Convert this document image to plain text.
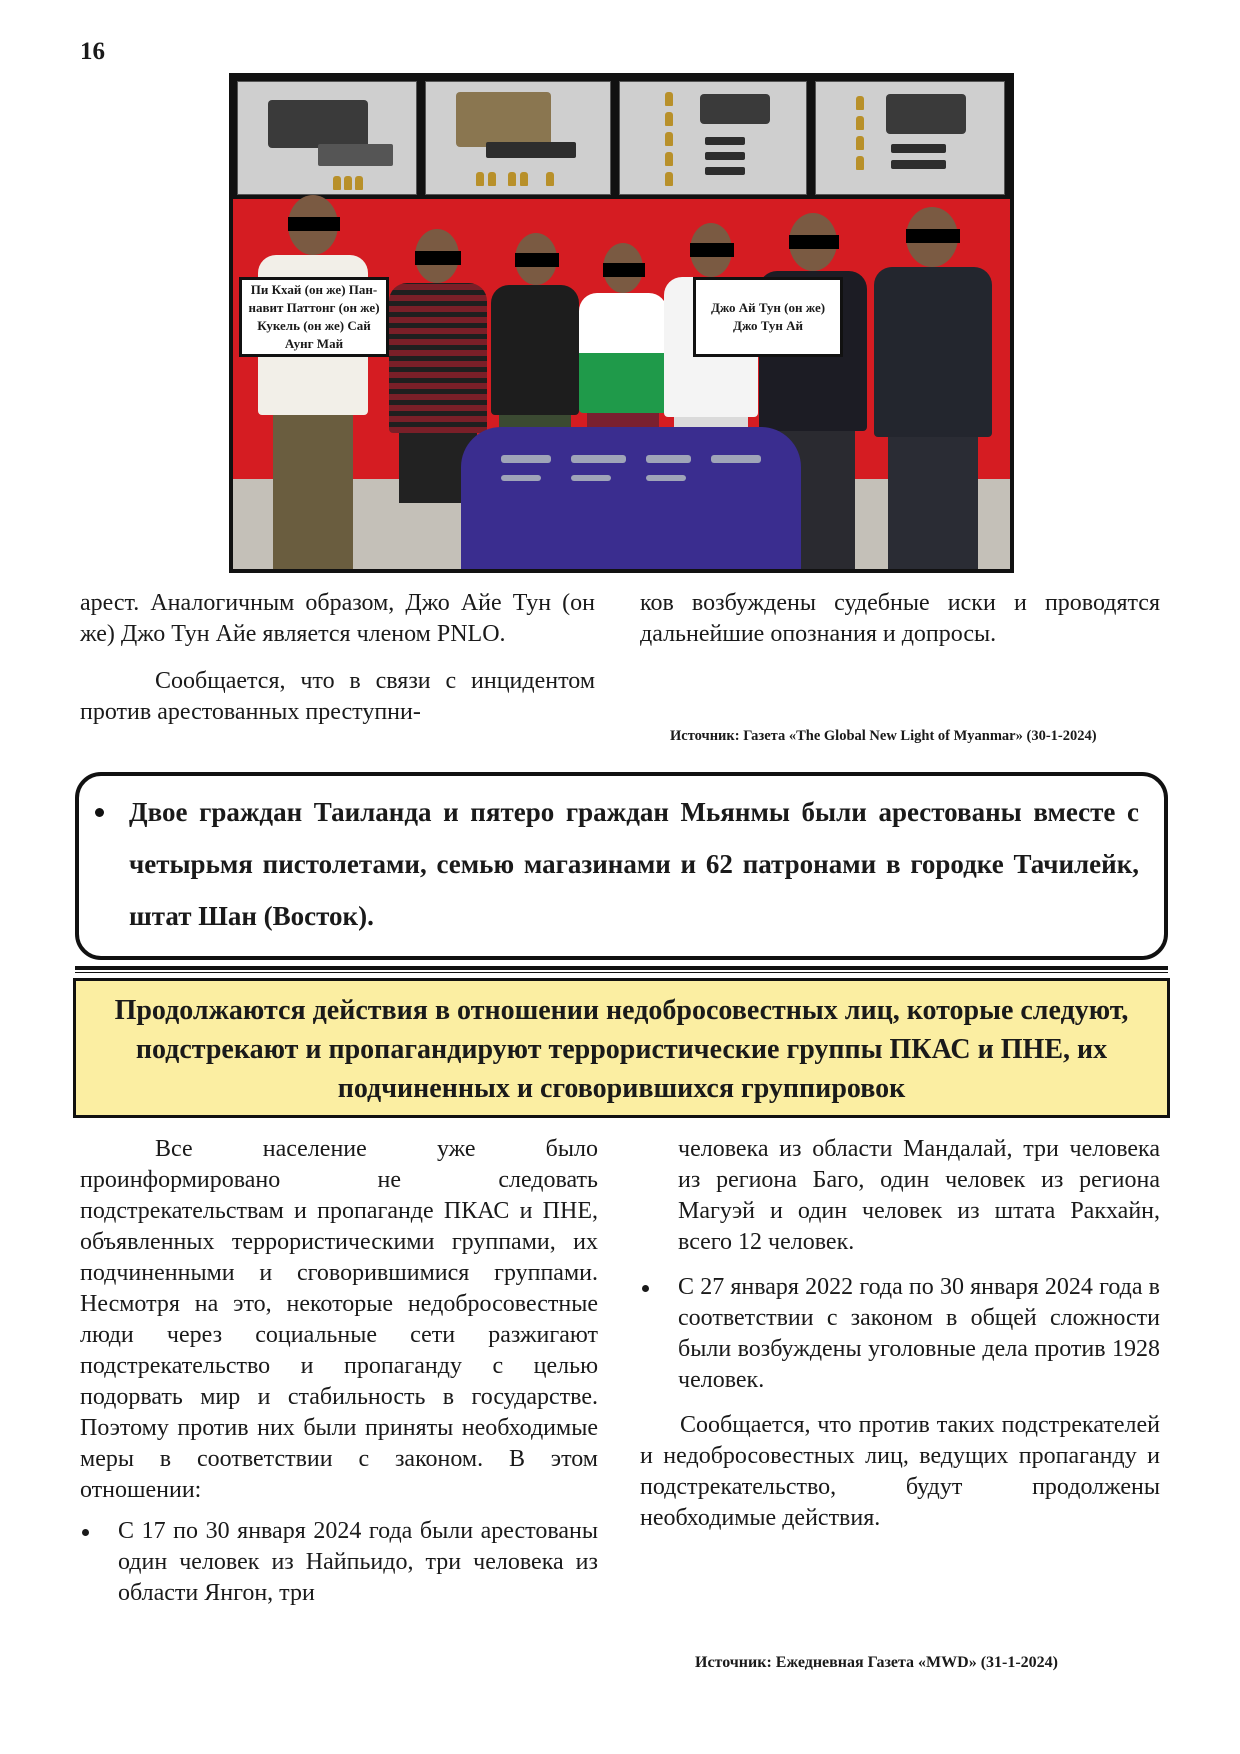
16
Пи Кхай (он же) Пан-навит Паттонг (он же) Кукель (он же) Сай Аунг Май
Джо Ай Тун (он же) Джо Тун Ай

арест. Аналогичным образом, Джо Айе Тун (он же) Джо Тун Айе является членом PNLO.

Сообщается, что в связи с инцидентом против арестованных преступни-

ков возбуждены судебные иски и проводятся дальнейшие опознания и допросы.
Источник: Газета «The Global New Light of Myanmar» (30-1-2024)
Двое граждан Таиланда и пятеро граждан Мьянмы были арестованы вместе с четырьмя пистолетами, семью магазинами и 62 патронами в городке Тачилейк, штат Шан (Восток).
Продолжаются действия в отношении недобросовестных лиц, которые следуют, подстрекают и пропагандируют террористические группы ПКАС и ПНЕ, их подчиненных и сговорившихся группировок

Все население уже было проинформировано не следовать подстрекательствам и пропаганде ПКАС и ПНЕ, объявленных террористическими группами, их подчиненными и сговорившимися группами. Несмотря на это, некоторые недобросовестные люди через социальные сети разжигают подстрекательство и пропаганду с целью подорвать мир и стабильность в государстве. Поэтому против них были приняты необходимые меры в соответствии с законом. В этом отношении:

С 17 по 30 января 2024 года были арестованы один человек из Найпьидо, три человека из области Янгон, три

человека из области Мандалай, три человека из региона Баго, один человек из региона Магуэй и один человек из штата Ракхайн, всего 12 человек.

С 27 января 2022 года по 30 января 2024 года в соответствии с законом в общей сложности были возбуждены уголовные дела против 1928 человек.

Сообщается, что против таких подстрекателей и недобросовестных лиц, ведущих пропаганду и подстрекательство, будут продолжены необходимые действия.

Источник: Ежедневная Газета «MWD» (31-1-2024)
